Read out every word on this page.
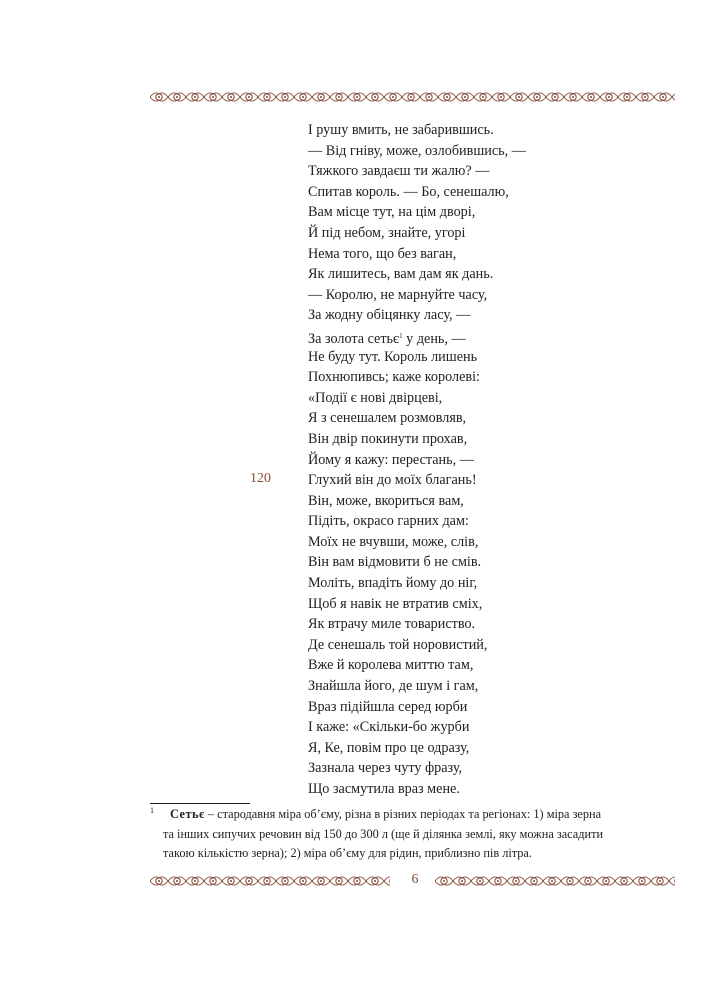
І рушу вмить, не забарившись.
— Від гніву, може, озлобившись, —
Тяжкого завдаєш ти жалю? —
Спитав король. — Бо, сенешалю,
Вам місце тут, на цім дворі,
Й під небом, знайте, угорі
Нема того, що без ваган,
Як лишитесь, вам дам як дань.
— Королю, не марнуйте часу,
За жодну обіцянку ласу, —
За золота сетьє$^1$ у день, —
Не буду тут. Король лишень
Похнюпивсь; каже королеві:
«Події є нові двірцеві,
Я з сенешалем розмовляв,
Він двір покинути прохав,
Йому я кажу: перестань, —
Глухий він до моїх благань!
Він, може, вкориться вам,
Підіть, окрасо гарних дам:
Моїх не вчувши, може, слів,
Він вам відмовити б не смів.
Моліть, впадіть йому до ніг,
Щоб я навік не втратив сміх,
Як втрачу миле товариство.
Де сенешаль той норовистий,
Вже й королева миттю там,
Знайшла його, де шум і гам,
Враз підійшла серед юрби
І каже: «Скільки-бо журби
Я, Ке, повім про це одразу,
Зазнала через чуту фразу,
Що засмутила враз мене.
120
1 Сетьє – стародавня міра об’єму, різна в різних періодах та регіонах: 1) міра зерна
та інших сипучих речовин від 150 до 300 л (ще й ділянка землі, яку можна засадити
такою кількістю зерна); 2) міра об’єму для рідин, приблизно пів літра.
6
